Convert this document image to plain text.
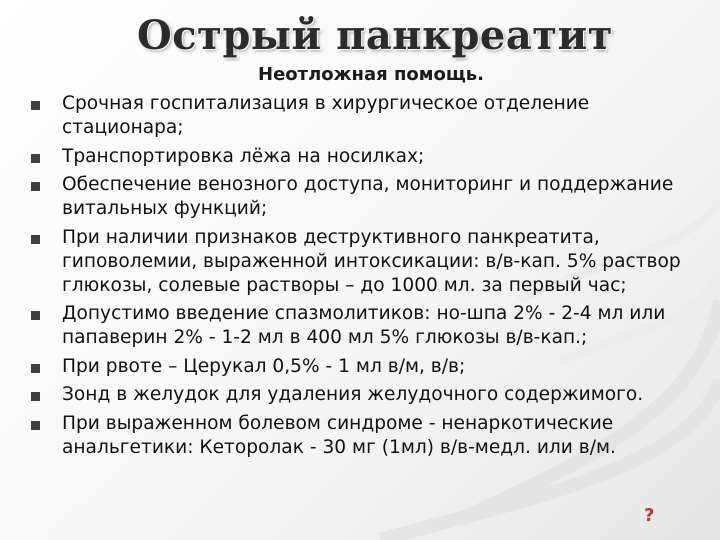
Острый панкреатит
Неотложная помощь.
Срочная госпитализация в хирургическое отделение стационара;
Транспортировка лёжа на носилках;
Обеспечение венозного доступа, мониторинг и поддержание витальных функций;
При наличии признаков деструктивного панкреатита, гиповолемии, выраженной интоксикации: в/в-кап. 5% раствор глюкозы, солевые растворы – до 1000 мл. за первый час;
Допустимо введение спазмолитиков: но-шпа 2% - 2-4 мл или папаверин 2% - 1-2 мл в 400 мл 5% глюкозы в/в-кап.;
При рвоте – Церукал 0,5% - 1 мл в/м, в/в;
Зонд в желудок для удаления желудочного содержимого.
При выраженном болевом синдроме - ненаркотические анальгетики: Кеторолак - 30 мг (1мл) в/в-медл. или в/м.
?
